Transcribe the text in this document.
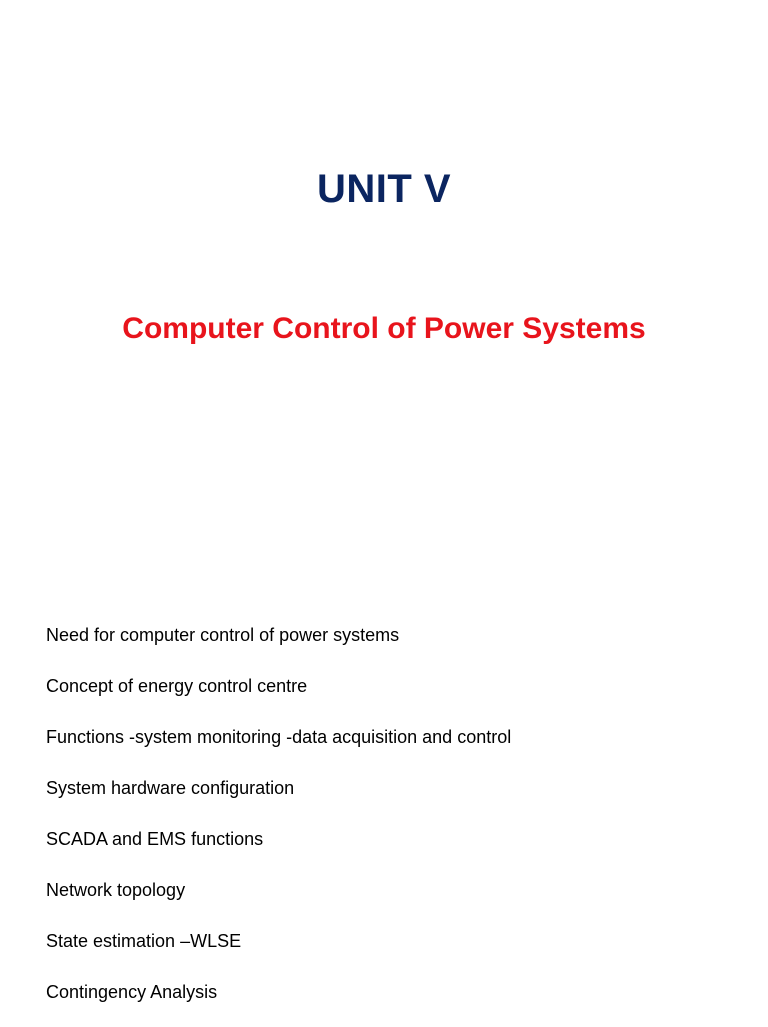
UNIT V
Computer Control of Power Systems
Need for computer control of power systems
Concept of energy control centre
Functions -system monitoring -data acquisition and control
System hardware configuration
SCADA and EMS functions
Network topology
State estimation –WLSE
Contingency Analysis
